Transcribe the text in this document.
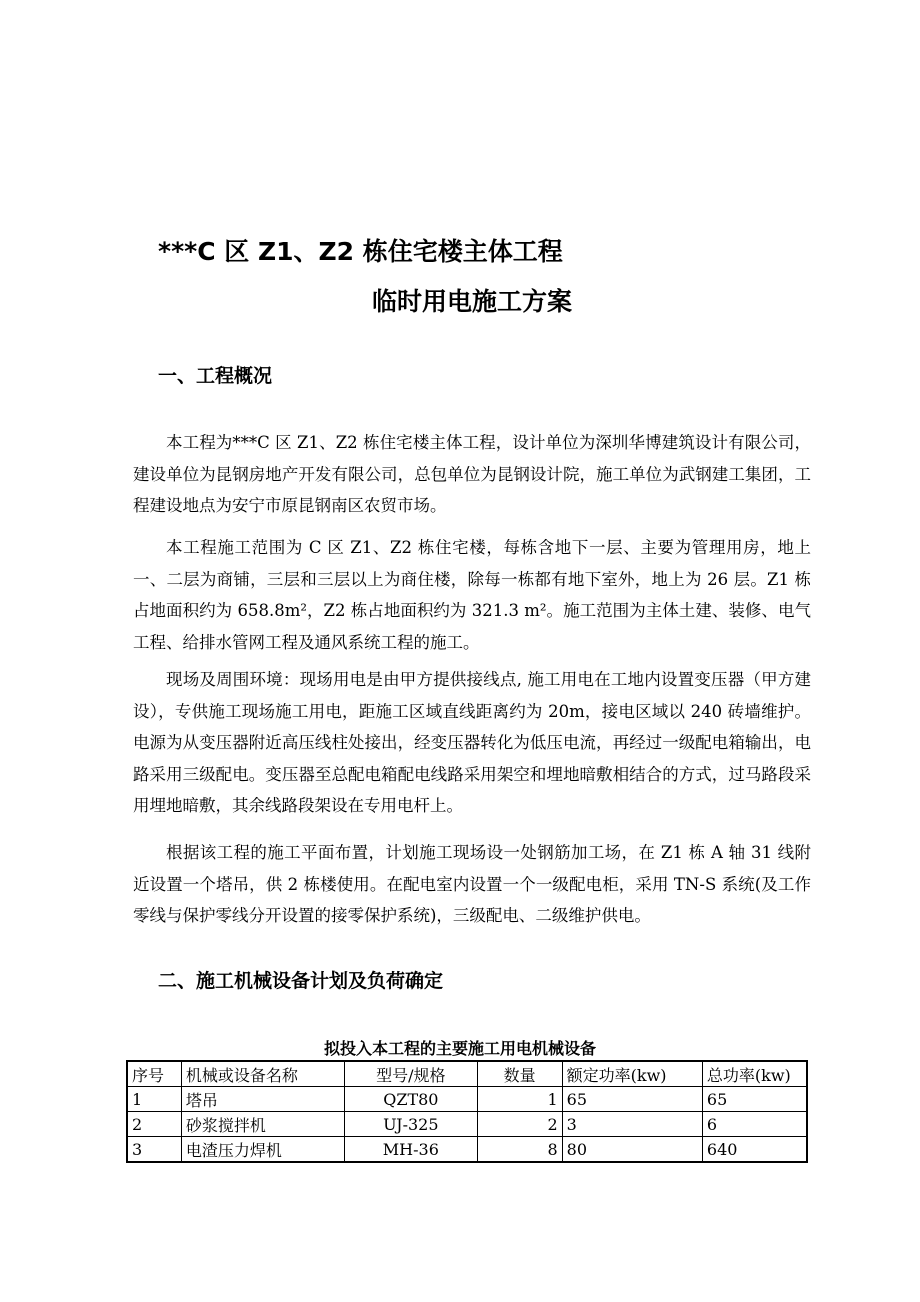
***C 区 Z1、Z2 栋住宅楼主体工程
临时用电施工方案
一、工程概况
本工程为***C 区 Z1、Z2 栋住宅楼主体工程，设计单位为深圳华博建筑设计有限公司，建设单位为昆钢房地产开发有限公司，总包单位为昆钢设计院，施工单位为武钢建工集团，工程建设地点为安宁市原昆钢南区农贸市场。
本工程施工范围为 C 区 Z1、Z2 栋住宅楼，每栋含地下一层、主要为管理用房，地上一、二层为商铺，三层和三层以上为商住楼，除每一栋都有地下室外，地上为 26 层。Z1 栋占地面积约为 658.8m²，Z2 栋占地面积约为 321.3 m²。施工范围为主体土建、装修、电气工程、给排水管网工程及通风系统工程的施工。
现场及周围环境：现场用电是由甲方提供接线点, 施工用电在工地内设置变压器（甲方建设），专供施工现场施工用电，距施工区域直线距离约为 20m，接电区域以 240 砖墙维护。电源为从变压器附近高压线柱处接出，经变压器转化为低压电流，再经过一级配电箱输出，电路采用三级配电。变压器至总配电箱配电线路采用架空和埋地暗敷相结合的方式，过马路段采用埋地暗敷，其余线路段架设在专用电杆上。
根据该工程的施工平面布置，计划施工现场设一处钢筋加工场，在 Z1 栋 A 轴 31 线附近设置一个塔吊，供 2 栋楼使用。在配电室内设置一个一级配电柜，采用 TN-S 系统(及工作零线与保护零线分开设置的接零保护系统)，三级配电、二级维护供电。
二、施工机械设备计划及负荷确定
拟投入本工程的主要施工用电机械设备
序号	机械或设备名称	型号/规格	数量	额定功率(kw)	总功率(kw)
1	塔吊	QZT80	1	65	65
2	砂浆搅拌机	UJ-325	2	3	6
3	电渣压力焊机	MH-36	8	80	640
